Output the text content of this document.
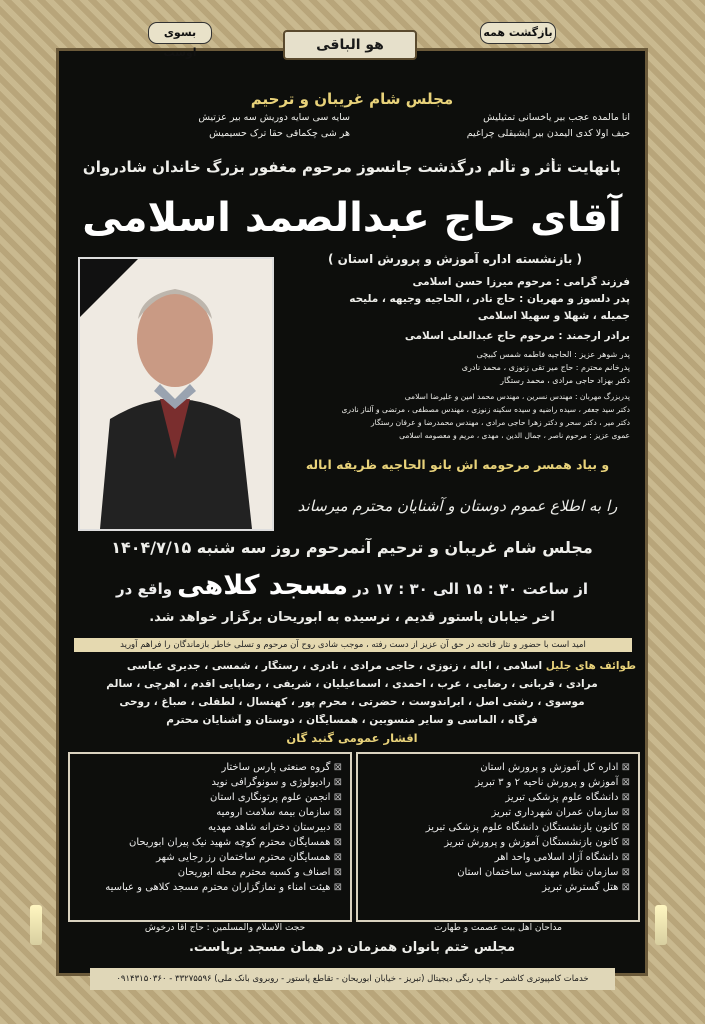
بسوی اوست
بازگشت همه
هو الباقی
مجلس شام غریبان و ترحیم
آنا مالمده عجب بیر یاخسانی تمثیلیش
حیف اولا کدی الیمدن بیر ایشیقلی چراغیم
سایه سی سایه دوریش سه بیر عزتیش
هر شی چکماقی حقا ترک حسیمیش
بانهایت تأثر و تألم درگذشت جانسوز مرحوم مغفور بزرگ خاندان شادروان
آقای حاج عبدالصمد اسلامی
( بازنشسته اداره آموزش و پرورش استان )
فرزند گرامی : مرحوم میرزا حسن اسلامی
پدر دلسوز و مهربان : حاج نادر ، الحاجیه وجیهه ، ملیحه
جمیله ، شهلا و سهیلا اسلامی
برادر ارجمند : مرحوم حاج عبدالعلی اسلامی
پدر شوهر عزیز : الحاجیه فاطمه شمس کبیچی
پدرخانم محترم : حاج میر تقی زنوزی ، محمد نادری
دکتر بهزاد حاجی مرادی ، محمد رستگار
پدربزرگ مهربان : مهندس نسرین ، مهندس محمد امین و علیرضا اسلامی
دکتر سید جعفر ، سیده راضیه و سیده سکینه زنوزی ، مهندس مصطفی ، مرتضی و آلناز نادری
دکتر میر ، دکتر سحر و دکتر زهرا حاجی مرادی ، مهندس محمدرضا و عرفان رستگار
عموی عزیز : مرحوم ناصر ، جمال الدین ، مهدی ، مریم و معصومه اسلامی
و بیاد همسر مرحومه اش بانو الحاجیه ظریفه اباله
را به اطلاع عموم دوستان و آشنایان محترم میرساند
مجلس شام غریبان و ترحیم آنمرحوم روز سه شنبه ۱۴۰۴/۷/۱۵
از ساعت ۳۰ : ۱۵ الی ۳۰ : ۱۷ در مسجد کلاهی واقع در
آخر خیابان پاستور قدیم ، نرسیده به ابوریحان برگزار خواهد شد.
امید است با حضور و نثار فاتحه در حق آن عزیز از دست رفته ، موجب شادی روح آن مرحوم و تسلی خاطر بازماندگان را فراهم آورید
طوائف های جلیل اسلامی ، اباله ، زنوزی ، حاجی مرادی ، نادری ، رستگار ، شمسی ، جدیری عباسی
مرادی ، قربانی ، رضایی ، عرب ، احمدی ، اسماعیلیان ، شریفی ، رضاپایی اقدم ، اهرچی ، سالم
موسوی ، رشتی اصل ، ابراندوست ، حضرتی ، محرم پور ، کهنسال ، لطفلی ، صباغ ، روحی
فرگاه ، الماسی و سایر منسوبین ، همسایگان ، دوستان و آشنایان محترم
اقشار عمومی گنبد گان
⊠ اداره کل آموزش و پرورش استان
⊠ آموزش و پرورش ناحیه ۲ و ۳ تبریز
⊠ دانشگاه علوم پزشکی تبریز
⊠ سازمان عمران شهرداری تبریز
⊠ کانون بازنشستگان دانشگاه علوم پزشکی تبریز
⊠ کانون بازنشستگان آموزش و پرورش تبریز
⊠ دانشگاه آزاد اسلامی واحد اهر
⊠ سازمان نظام مهندسی ساختمان استان
⊠ هتل گسترش تبریز
⊠ گروه صنعتی پارس ساختار
⊠ رادیولوژی و سونوگرافی نوید
⊠ انجمن علوم پرتونگاری استان
⊠ سازمان بیمه سلامت ارومیه
⊠ دبیرستان دخترانه شاهد مهدیه
⊠ همسایگان محترم کوچه شهید نیک پیران ابوریحان
⊠ همسایگان محترم ساختمان رز رجایی شهر
⊠ اصناف و کسبه محترم محله ابوریحان
⊠ هیئت امناء و نمازگزاران محترم مسجد کلاهی و عباسیه
مداحان اهل بیت عصمت و طهارت
حجت الاسلام والمسلمین : حاج آقا درخوش
مجلس ختم بانوان همزمان در همان مسجد برپاست.
خدمات کامپیوتری کاشمر - چاپ رنگی دیجیتال (تبریز - خیابان ابوریحان - تقاطع پاستور - روبروی بانک ملی) ۳۳۲۷۵۵۹۶ - ۰۹۱۴۳۱۵۰۳۶۰
